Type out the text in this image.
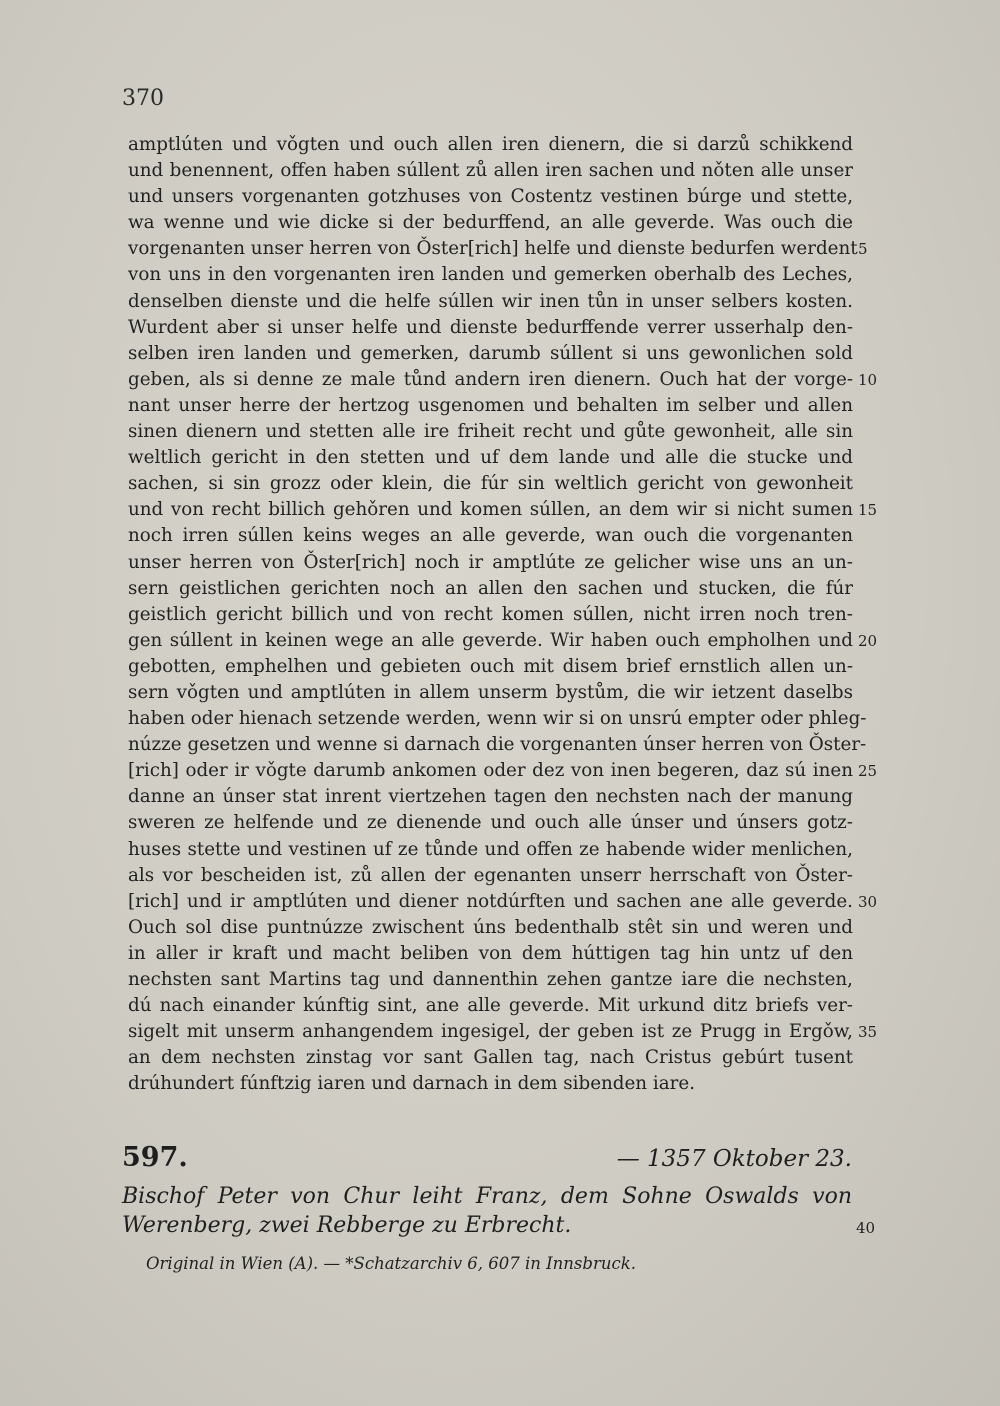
370
amptlúten und vǒgten und ouch allen iren dienern, die si darzů schikkend
und benennent, offen haben súllent zů allen iren sachen und nǒten alle unser
und unsers vorgenanten gotzhuses von Costentz vestinen búrge und stette,
wa wenne und wie dicke si der bedurffend, an alle geverde. Was ouch die
vorgenanten unser herren von Ǒster[rich] helfe und dienste bedurfen werdent
von uns in den vorgenanten iren landen und gemerken oberhalb des Leches,
denselben dienste und die helfe súllen wir inen tůn in unser selbers kosten.
Wurdent aber si unser helfe und dienste bedurffende verrer usserhalp den-
selben iren landen und gemerken, darumb súllent si uns gewonlichen sold
geben, als si denne ze male tůnd andern iren dienern. Ouch hat der vorge-
nant unser herre der hertzog usgenomen und behalten im selber und allen
sinen dienern und stetten alle ire friheit recht und gůte gewonheit, alle sin
weltlich gericht in den stetten und uf dem lande und alle die stucke und
sachen, si sin grozz oder klein, die fúr sin weltlich gericht von gewonheit
und von recht billich gehǒren und komen súllen, an dem wir si nicht sumen
noch irren súllen keins weges an alle geverde, wan ouch die vorgenanten
unser herren von Ǒster[rich] noch ir amptlúte ze gelicher wise uns an un-
sern geistlichen gerichten noch an allen den sachen und stucken, die fúr
geistlich gericht billich und von recht komen súllen, nicht irren noch tren-
gen súllent in keinen wege an alle geverde. Wir haben ouch empholhen und
gebotten, emphelhen und gebieten ouch mit disem brief ernstlich allen un-
sern vǒgten und amptlúten in allem unserm bystům, die wir ietzent daselbs
haben oder hienach setzende werden, wenn wir si on unsrú empter oder phleg-
núzze gesetzen und wenne si darnach die vorgenanten únser herren von Ǒster-
[rich] oder ir vǒgte darumb ankomen oder dez von inen begeren, daz sú inen
danne an únser stat inrent viertzehen tagen den nechsten nach der manung
sweren ze helfende und ze dienende und ouch alle únser und únsers gotz-
huses stette und vestinen uf ze tůnde und offen ze habende wider menlichen,
als vor bescheiden ist, zů allen der egenanten unserr herrschaft von Ǒster-
[rich] und ir amptlúten und diener notdúrften und sachen ane alle geverde.
Ouch sol dise puntnúzze zwischent úns bedenthalb stêt sin und weren und
in aller ir kraft und macht beliben von dem húttigen tag hin untz uf den
nechsten sant Martins tag und dannenthin zehen gantze iare die nechsten,
dú nach einander kúnftig sint, ane alle geverde. Mit urkund ditz briefs ver-
sigelt mit unserm anhangendem ingesigel, der geben ist ze Prugg in Ergǒw,
an dem nechsten zinstag vor sant Gallen tag, nach Cristus gebúrt tusent
drúhundert fúnftzig iaren und darnach in dem sibenden iare.
5
10
15
20
25
30
35
597.	— 1357 Oktober 23.
Bischof Peter von Chur leiht Franz, dem Sohne Oswalds von
Werenberg, zwei Rebberge zu Erbrecht.	40
Original in Wien (A). — *Schatzarchiv 6, 607 in Innsbruck.
